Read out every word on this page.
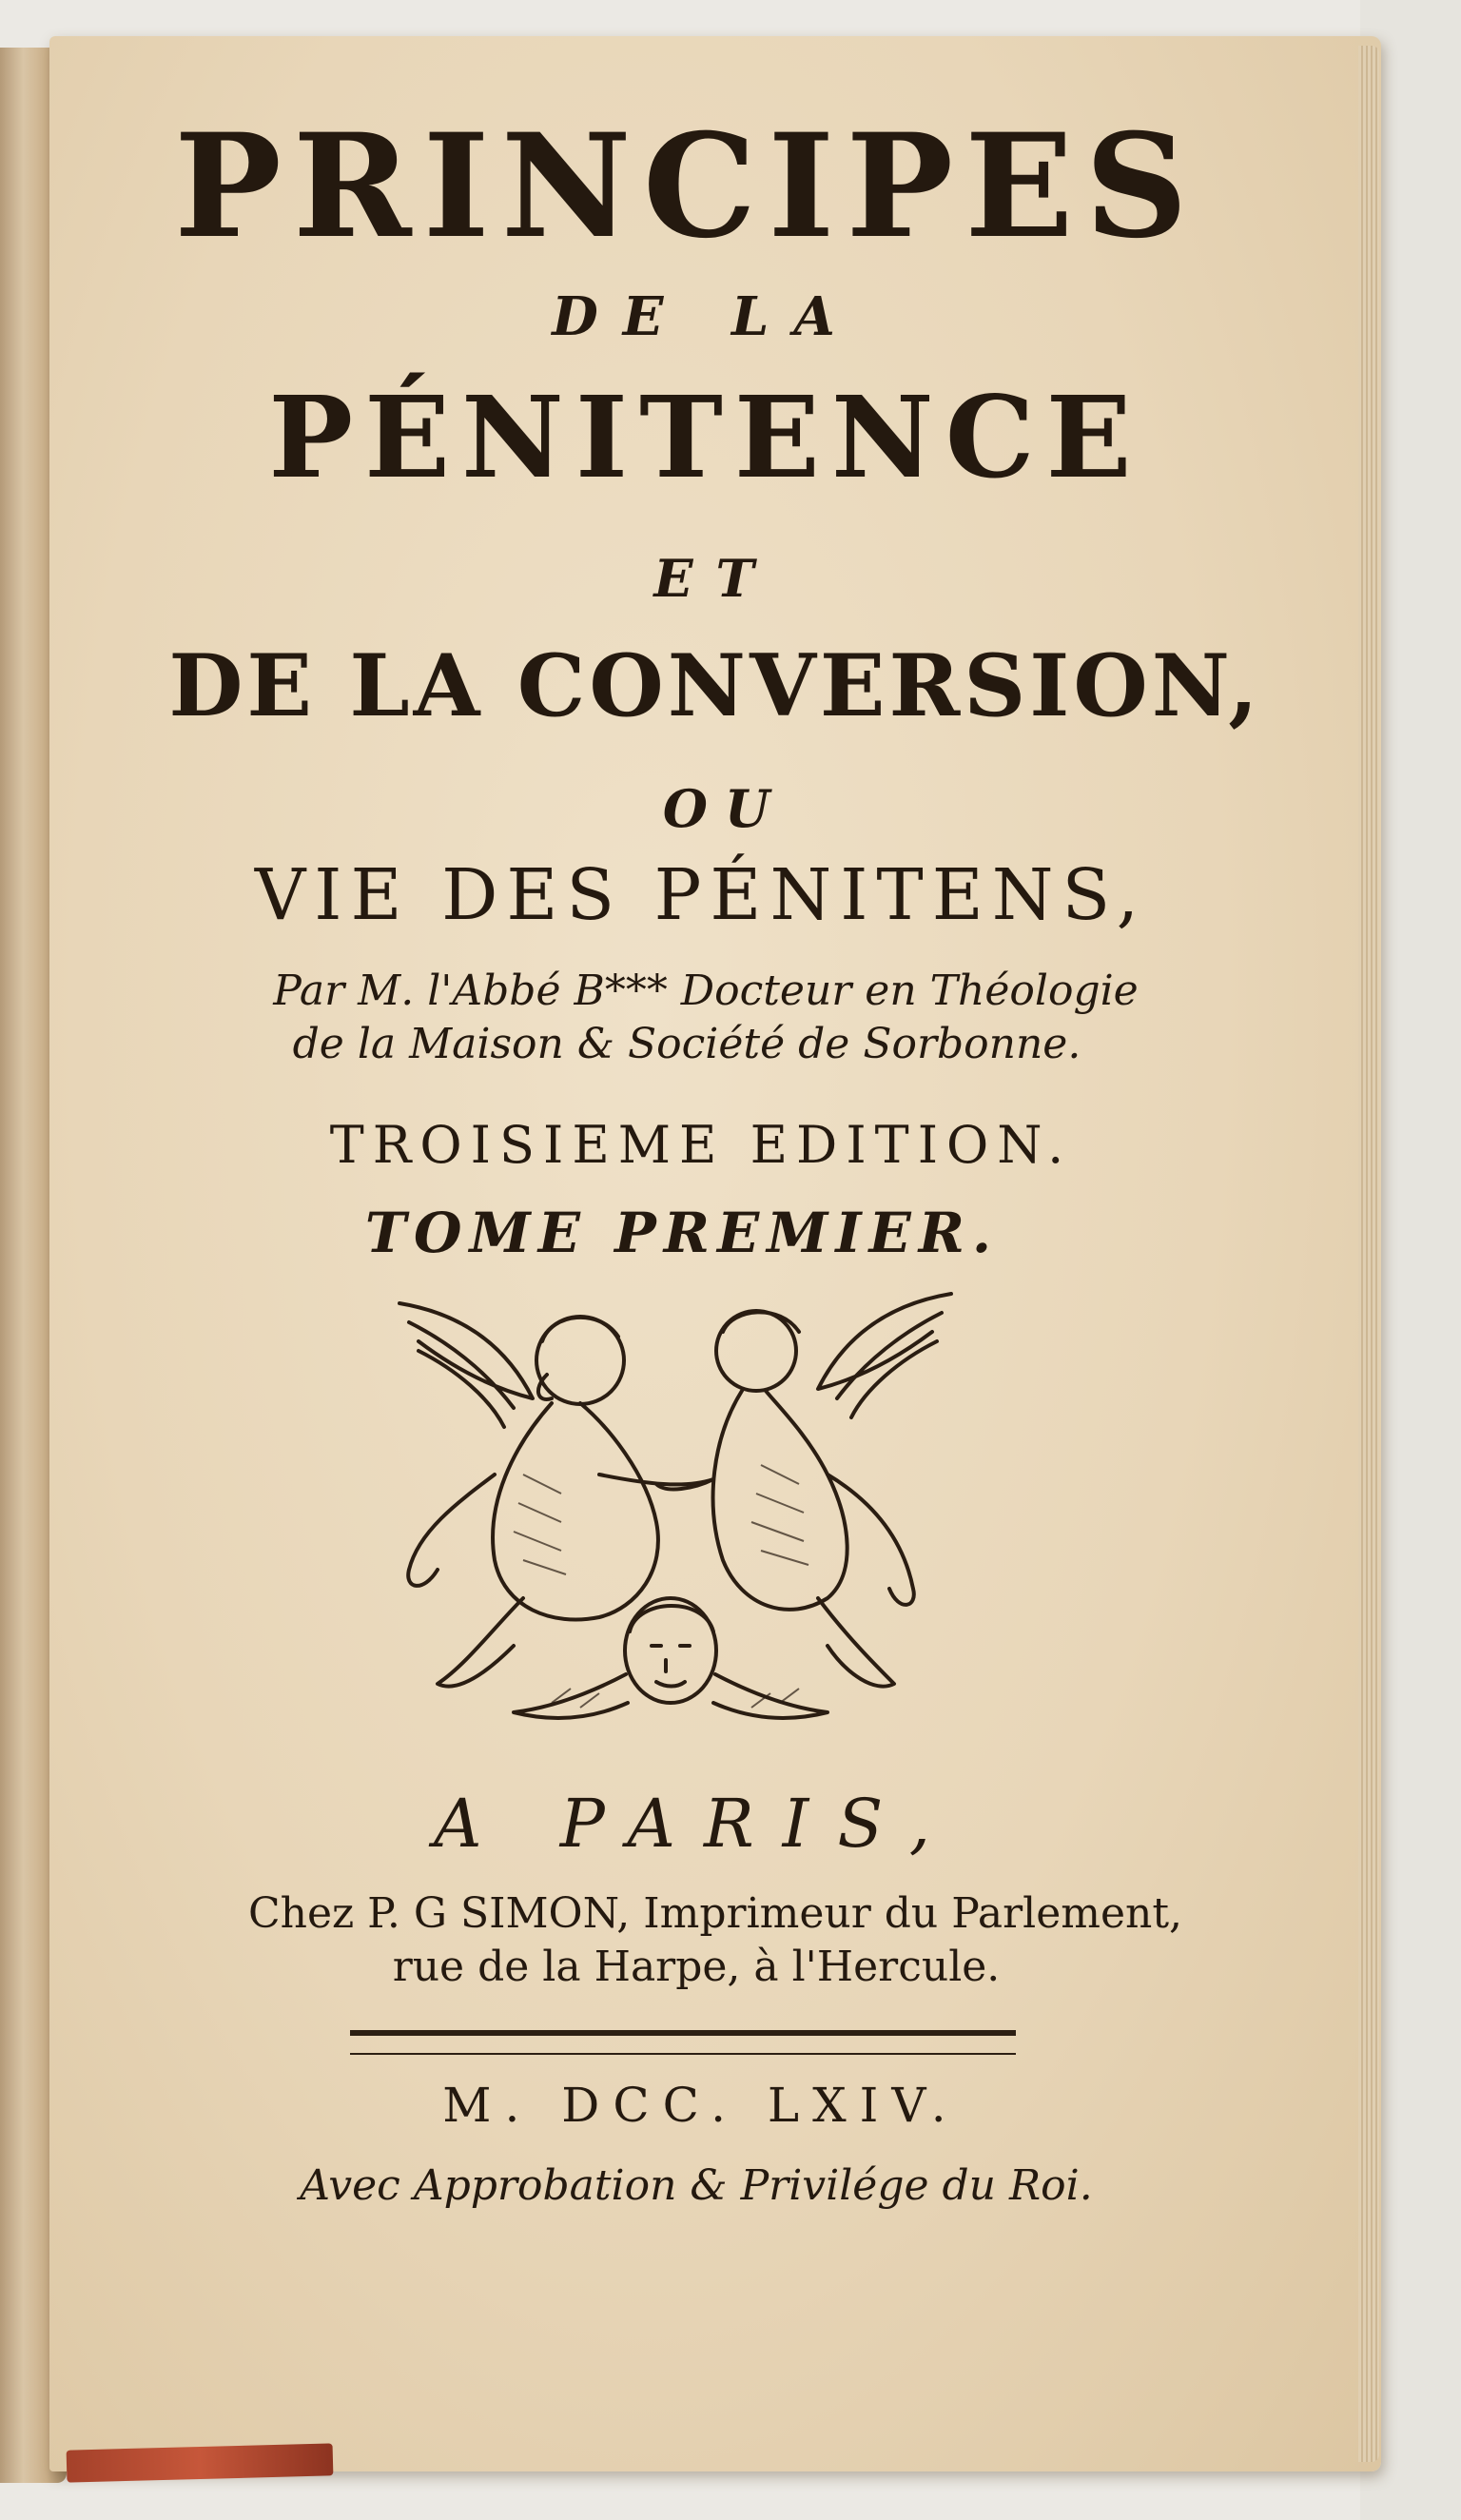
PRINCIPES

DE LA

PÉNITENCE

ET

DE LA CONVERSION,

OU

VIE DES PÉNITENS,

Par M. l'Abbé B*** Docteur en Théologie

de la Maison & Société de Sorbonne.

TROISIEME EDITION.

TOME PREMIER.

A PARIS,

Chez P. G SIMON, Imprimeur du Parlement,

rue de la Harpe, à l'Hercule.

M. DCC. LXIV.

Avec Approbation & Privilége du Roi.
